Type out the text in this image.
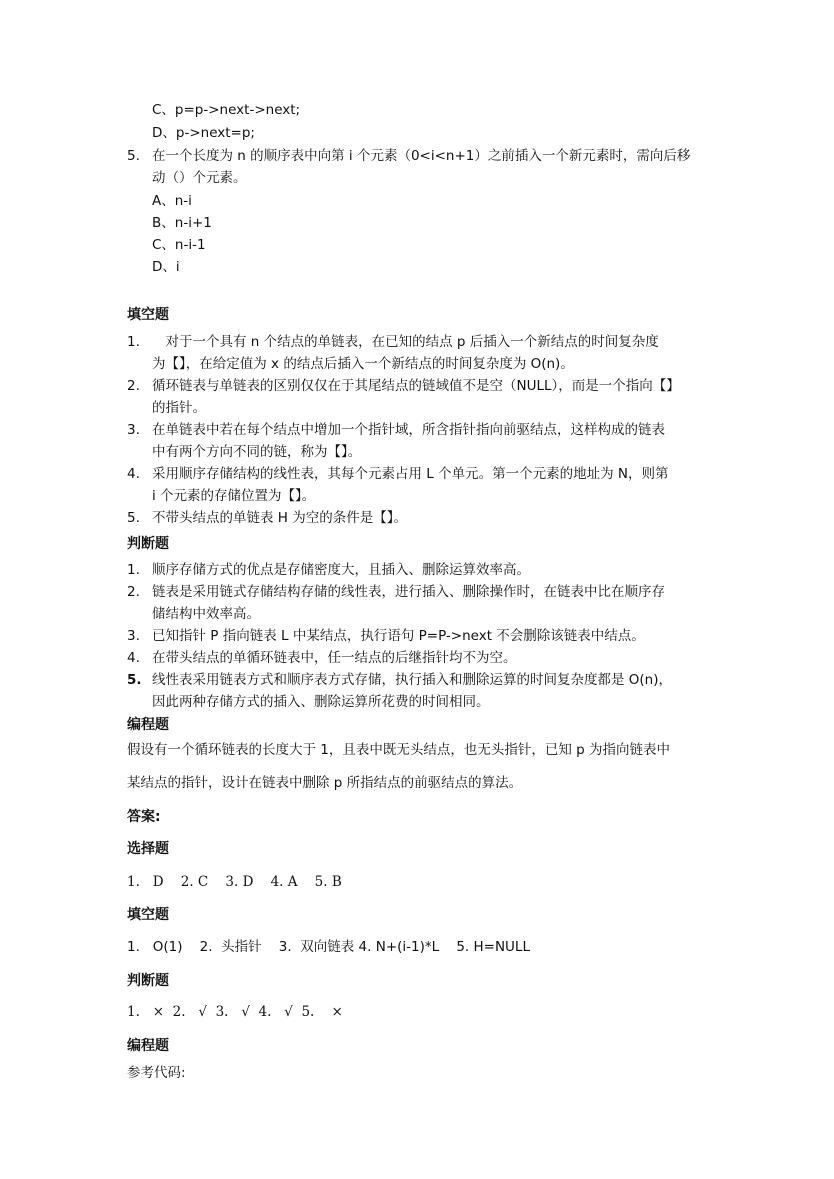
C、p=p->next->next;
D、p->next=p;
5. 在一个长度为 n 的顺序表中向第 i 个元素（0<i<n+1）之前插入一个新元素时，需向后移
动（）个元素。
A、n-i
B、n-i+1
C、n-i-1
D、i
填空题
1. 　对于一个具有 n 个结点的单链表，在已知的结点 p 后插入一个新结点的时间复杂度
为【】，在给定值为 x 的结点后插入一个新结点的时间复杂度为 O(n)。
2. 循环链表与单链表的区别仅仅在于其尾结点的链域值不是空（NULL），而是一个指向【】
的指针。
3. 在单链表中若在每个结点中增加一个指针域，所含指针指向前驱结点，这样构成的链表
中有两个方向不同的链，称为【】。
4. 采用顺序存储结构的线性表，其每个元素占用 L 个单元。第一个元素的地址为 N，则第
i 个元素的存储位置为【】。
5. 不带头结点的单链表 H 为空的条件是【】。
判断题
1. 顺序存储方式的优点是存储密度大，且插入、删除运算效率高。
2. 链表是采用链式存储结构存储的线性表，进行插入、删除操作时，在链表中比在顺序存
储结构中效率高。
3. 已知指针 P 指向链表 L 中某结点，执行语句 P=P->next 不会删除该链表中结点。
4. 在带头结点的单循环链表中，任一结点的后继指针均不为空。
5. 线性表采用链表方式和顺序表方式存储，执行插入和删除运算的时间复杂度都是 O(n)，
因此两种存储方式的插入、删除运算所花费的时间相同。
编程题
假设有一个循环链表的长度大于 1，且表中既无头结点，也无头指针，已知 p 为指向链表中
某结点的指针，设计在链表中删除 p 所指结点的前驱结点的算法。
答案:
选择题
1.   D    2. C    3. D    4. A    5. B
填空题
1.   O(1)    2.  头指针    3.  双向链表 4. N+(i-1)*L    5. H=NULL
判断题
1.   ×  2.   √  3.   √  4.   √  5.    ×
编程题
参考代码:
